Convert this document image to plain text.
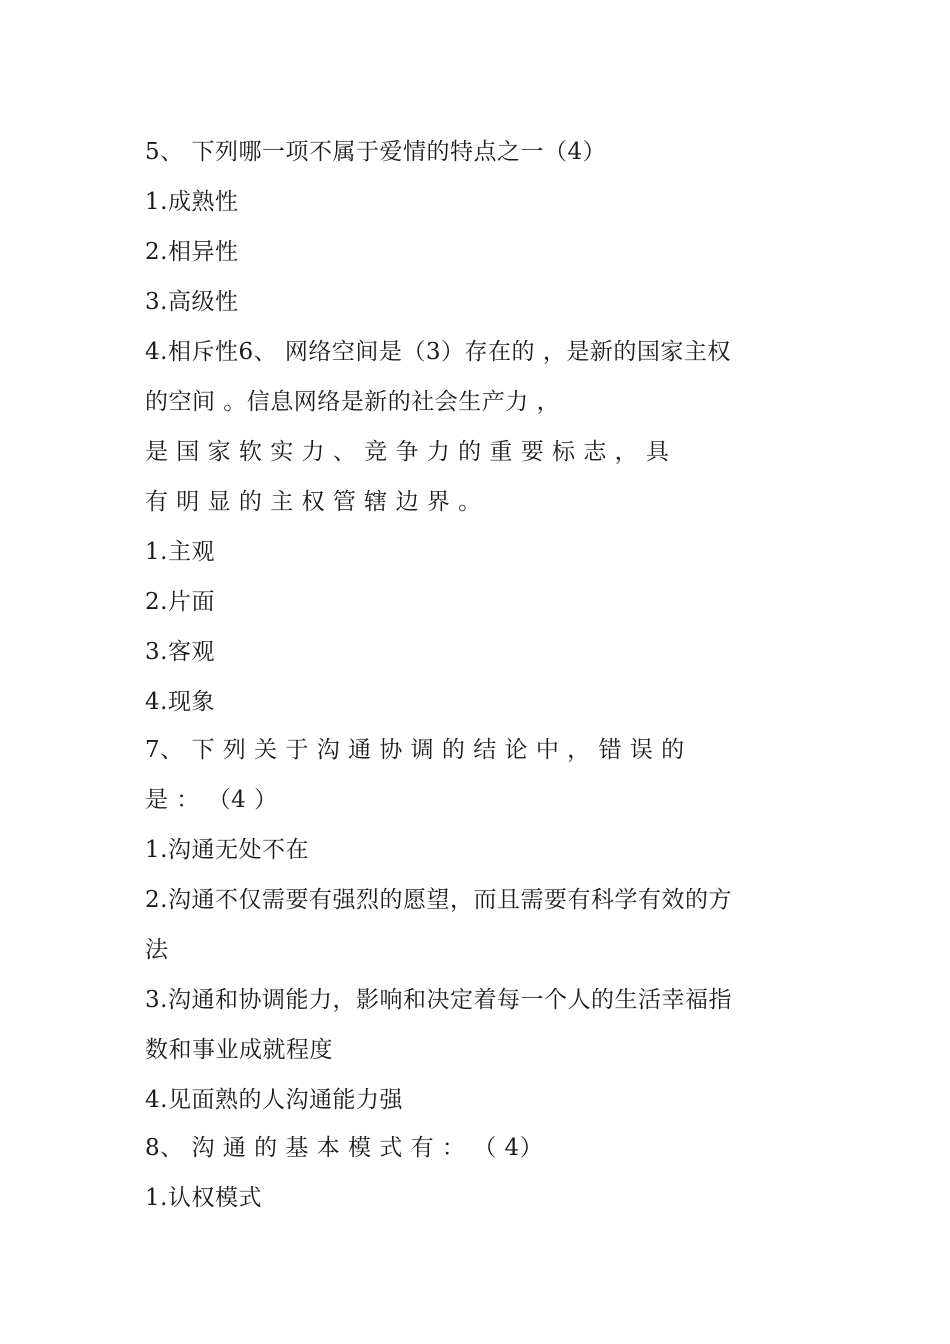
5、 下列哪一项不属于爱情的特点之一（4）
1.成熟性
2.相异性
3.高级性
4.相斥性6、 网络空间是（3）存在的 ，是新的国家主权
的空间 。信息网络是新的社会生产力 ，
是 国 家 软 实 力 、 竞 争 力 的 重 要 标 志 ， 具
有 明 显 的 主 权 管 辖 边 界 。
1.主观
2.片面
3.客观
4.现象
7、 下 列 关 于 沟 通 协 调 的 结 论 中 ， 错 误 的
是 ： （4 ）
1.沟通无处不在
2.沟通不仅需要有强烈的愿望，而且需要有科学有效的方
法
3.沟通和协调能力，影响和决定着每一个人的生活幸福指
数和事业成就程度
4.见面熟的人沟通能力强
8、 沟 通 的 基 本 模 式 有 ： （ 4）
1.认权模式
